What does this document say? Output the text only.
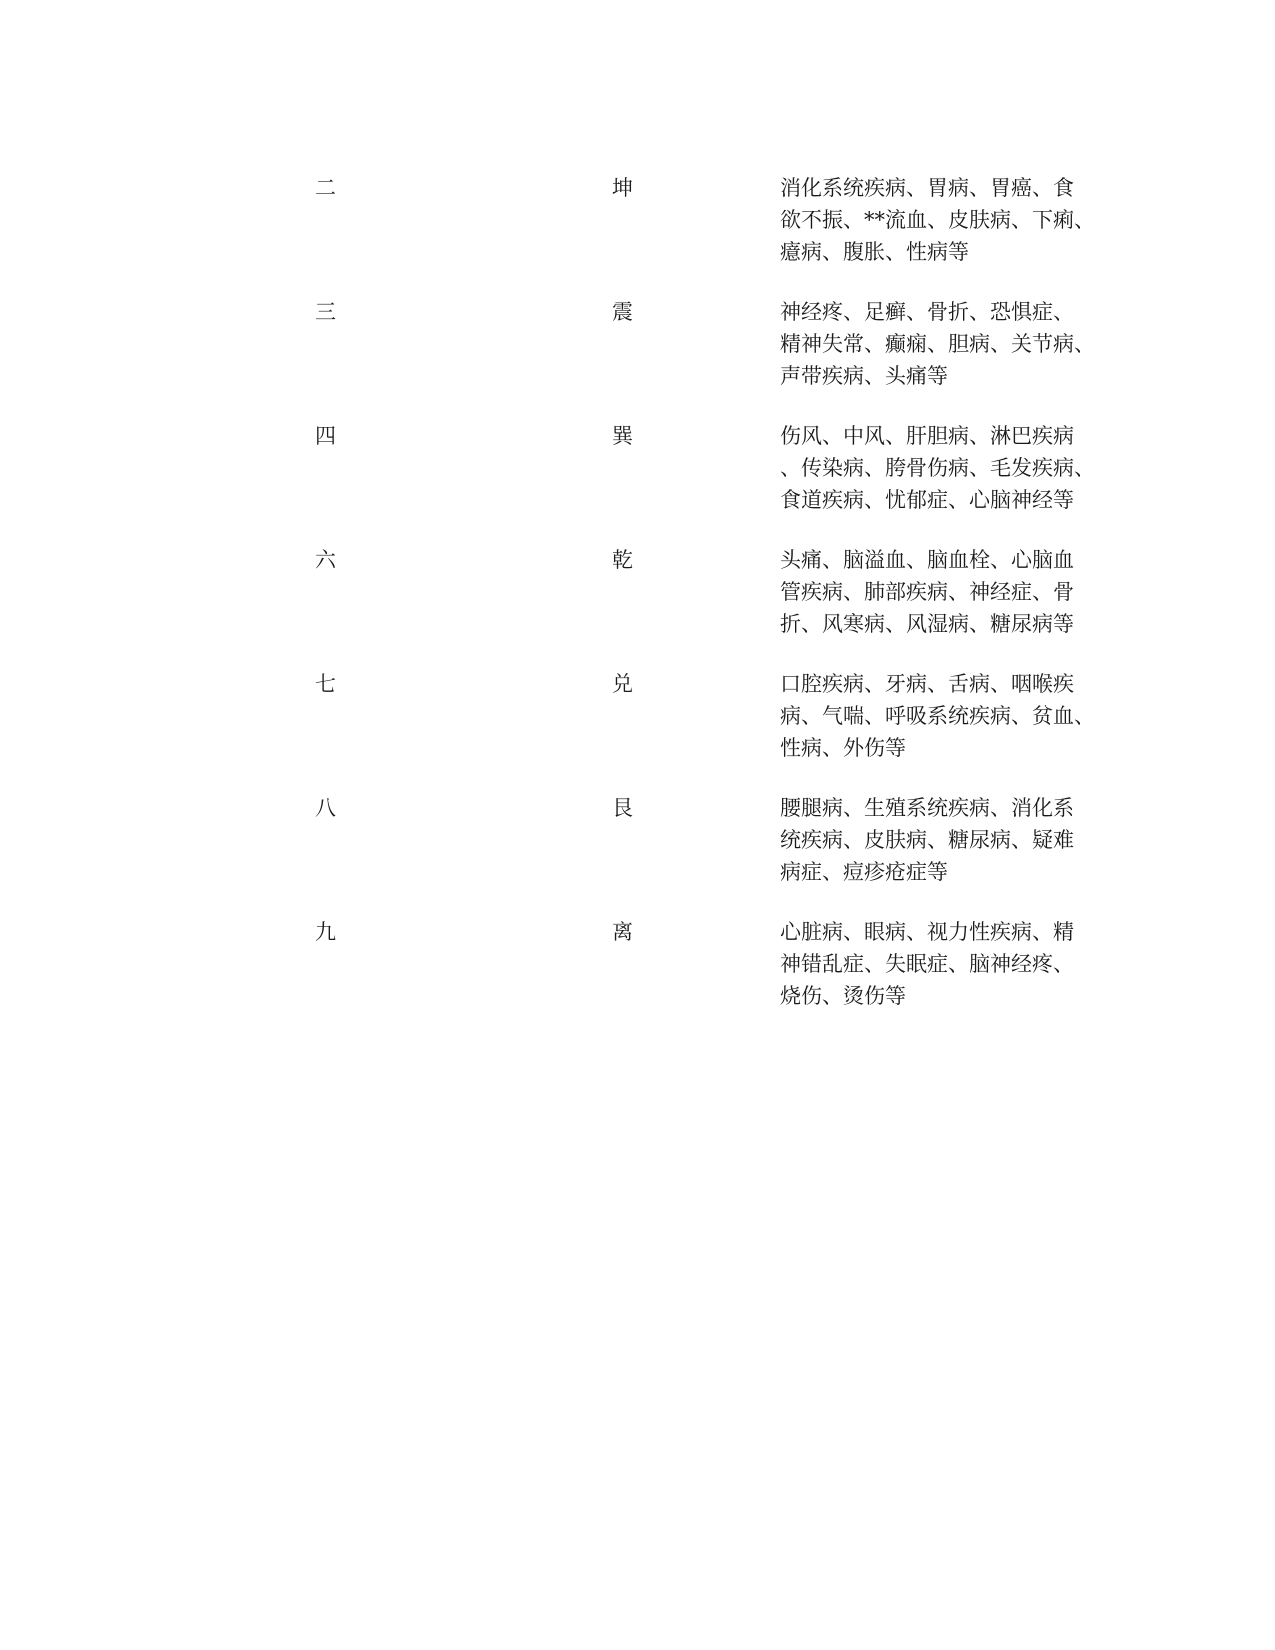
二	坤	消化系统疾病、胃病、胃癌、食
欲不振、**流血、皮肤病、下痢、
癔病、腹胀、性病等
三	震	神经疼、足癣、骨折、恐惧症、
精神失常、癫痫、胆病、关节病、
声带疾病、头痛等
四	巽	伤风、中风、肝胆病、淋巴疾病
、传染病、胯骨伤病、毛发疾病、
食道疾病、忧郁症、心脑神经等
六	乾	头痛、脑溢血、脑血栓、心脑血
管疾病、肺部疾病、神经症、骨
折、风寒病、风湿病、糖尿病等
七	兑	口腔疾病、牙病、舌病、咽喉疾
病、气喘、呼吸系统疾病、贫血、
性病、外伤等
八	艮	腰腿病、生殖系统疾病、消化系
统疾病、皮肤病、糖尿病、疑难
病症、痘疹疮症等
九	离	心脏病、眼病、视力性疾病、精
神错乱症、失眠症、脑神经疼、
烧伤、烫伤等
